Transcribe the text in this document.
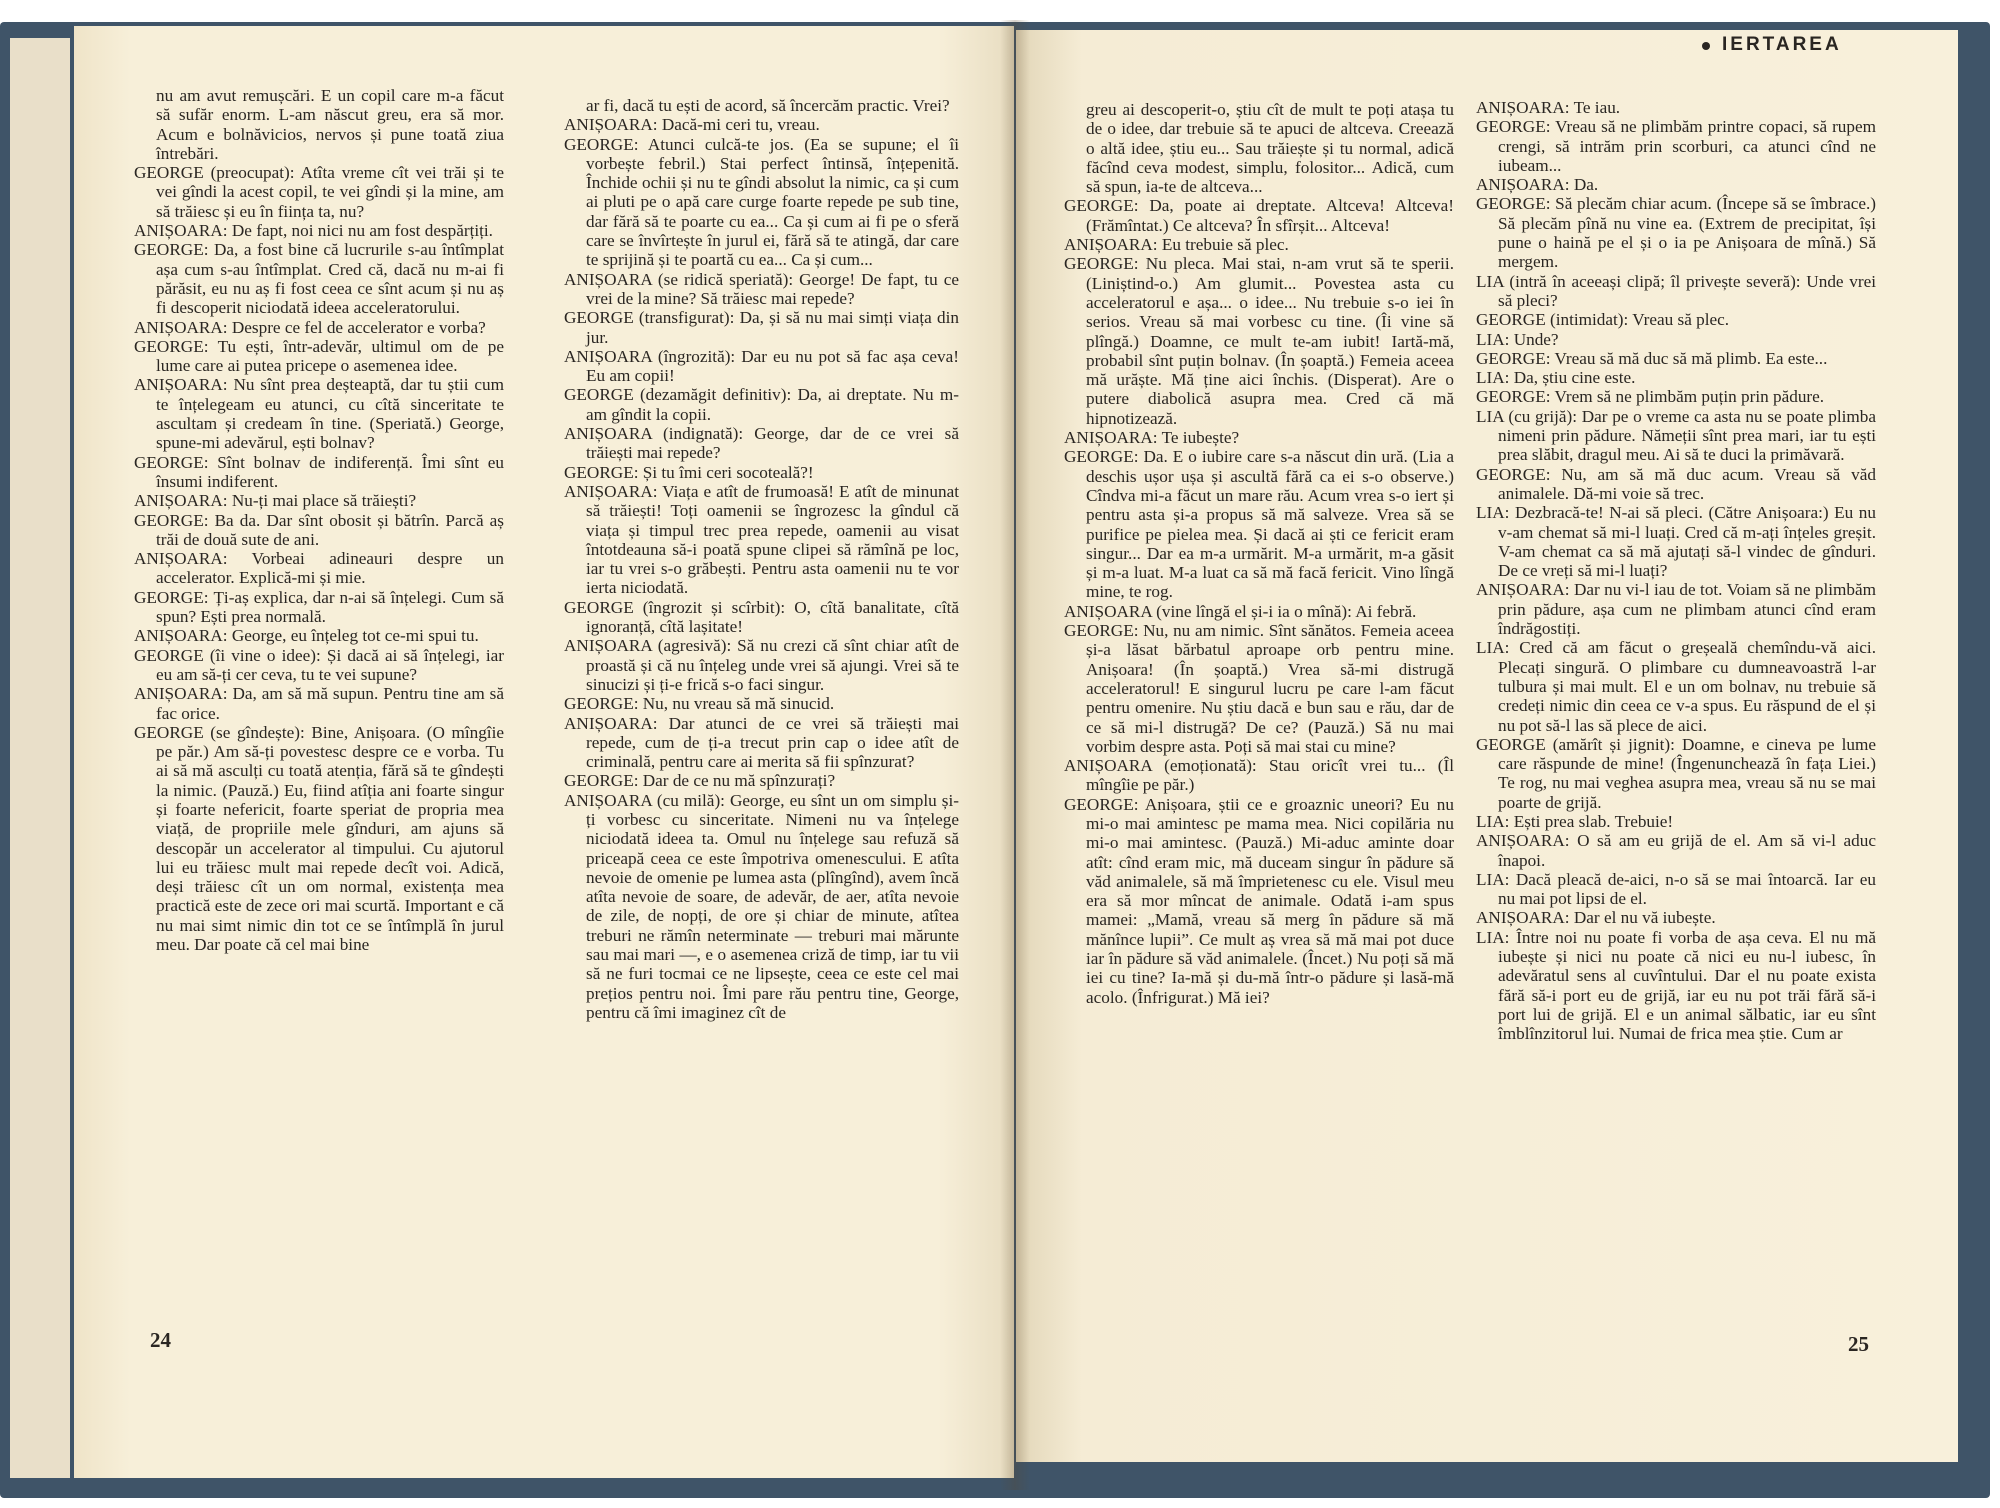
nu am avut remușcări. E un copil care m-a făcut să sufăr enorm. L-am născut greu, era să mor. Acum e bolnăvicios, nervos și pune toată ziua întrebări.

GEORGE (preocupat): Atîta vreme cît vei trăi și te vei gîndi la acest copil, te vei gîndi și la mine, am să trăiesc și eu în ființa ta, nu?

ANIȘOARA: De fapt, noi nici nu am fost despărțiți.

GEORGE: Da, a fost bine că lucrurile s-au întîmplat așa cum s-au întîmplat. Cred că, dacă nu m-ai fi părăsit, eu nu aș fi fost ceea ce sînt acum și nu aș fi descoperit niciodată ideea acceleratorului.

ANIȘOARA: Despre ce fel de accelerator e vorba?

GEORGE: Tu ești, într-adevăr, ultimul om de pe lume care ai putea pricepe o asemenea idee.

ANIȘOARA: Nu sînt prea deșteaptă, dar tu știi cum te înțelegeam eu atunci, cu cîtă sinceritate te ascultam și credeam în tine. (Speriată.) George, spune-mi adevărul, ești bolnav?

GEORGE: Sînt bolnav de indiferență. Îmi sînt eu însumi indiferent.

ANIȘOARA: Nu-ți mai place să trăiești?

GEORGE: Ba da. Dar sînt obosit și bătrîn. Parcă aș trăi de două sute de ani.

ANIȘOARA: Vorbeai adineauri despre un accelerator. Explică-mi și mie.

GEORGE: Ți-aș explica, dar n-ai să înțelegi. Cum să spun? Ești prea normală.

ANIȘOARA: George, eu înțeleg tot ce-mi spui tu.

GEORGE (îi vine o idee): Și dacă ai să înțelegi, iar eu am să-ți cer ceva, tu te vei supune?

ANIȘOARA: Da, am să mă supun. Pentru tine am să fac orice.

GEORGE (se gîndește): Bine, Anișoara. (O mîngîie pe păr.) Am să-ți povestesc despre ce e vorba. Tu ai să mă asculți cu toată atenția, fără să te gîndești la nimic. (Pauză.) Eu, fiind atîția ani foarte singur și foarte nefericit, foarte speriat de propria mea viață, de propriile mele gînduri, am ajuns să descopăr un accelerator al timpului. Cu ajutorul lui eu trăiesc mult mai repede decît voi. Adică, deși trăiesc cît un om normal, existența mea practică este de zece ori mai scurtă. Important e că nu mai simt nimic din tot ce se întîmplă în jurul meu. Dar poate că cel mai bine

ar fi, dacă tu ești de acord, să încercăm practic. Vrei?

ANIȘOARA: Dacă-mi ceri tu, vreau.

GEORGE: Atunci culcă-te jos. (Ea se supune; el îi vorbește febril.) Stai perfect întinsă, înțepenită. Închide ochii și nu te gîndi absolut la nimic, ca și cum ai pluti pe o apă care curge foarte repede pe sub tine, dar fără să te poarte cu ea... Ca și cum ai fi pe o sferă care se învîrtește în jurul ei, fără să te atingă, dar care te sprijină și te poartă cu ea... Ca și cum...

ANIȘOARA (se ridică speriată): George! De fapt, tu ce vrei de la mine? Să trăiesc mai repede?

GEORGE (transfigurat): Da, și să nu mai simți viața din jur.

ANIȘOARA (îngrozită): Dar eu nu pot să fac așa ceva! Eu am copii!

GEORGE (dezamăgit definitiv): Da, ai dreptate. Nu m-am gîndit la copii.

ANIȘOARA (indignată): George, dar de ce vrei să trăiești mai repede?

GEORGE: Și tu îmi ceri socoteală?!

ANIȘOARA: Viața e atît de frumoasă! E atît de minunat să trăiești! Toți oamenii se îngrozesc la gîndul că viața și timpul trec prea repede, oamenii au visat întotdeauna să-i poată spune clipei să rămînă pe loc, iar tu vrei s-o grăbești. Pentru asta oamenii nu te vor ierta niciodată.

GEORGE (îngrozit și scîrbit): O, cîtă banalitate, cîtă ignoranță, cîtă lașitate!

ANIȘOARA (agresivă): Să nu crezi că sînt chiar atît de proastă și că nu înțeleg unde vrei să ajungi. Vrei să te sinucizi și ți-e frică s-o faci singur.

GEORGE: Nu, nu vreau să mă sinucid.

ANIȘOARA: Dar atunci de ce vrei să trăiești mai repede, cum de ți-a trecut prin cap o idee atît de criminală, pentru care ai merita să fii spînzurat?

GEORGE: Dar de ce nu mă spînzurați?

ANIȘOARA (cu milă): George, eu sînt un om simplu și-ți vorbesc cu sinceritate. Nimeni nu va înțelege niciodată ideea ta. Omul nu înțelege sau refuză să priceapă ceea ce este împotriva omenescului. E atîta nevoie de omenie pe lumea asta (plîngînd), avem încă atîta nevoie de soare, de adevăr, de aer, atîta nevoie de zile, de nopți, de ore și chiar de minute, atîtea treburi ne rămîn neterminate — treburi mai mărunte sau mai mari —, e o asemenea criză de timp, iar tu vii să ne furi tocmai ce ne lipsește, ceea ce este cel mai prețios pentru noi. Îmi pare rău pentru tine, George, pentru că îmi imaginez cît de

24

greu ai descoperit-o, știu cît de mult te poți atașa tu de o idee, dar trebuie să te apuci de altceva. Creează o altă idee, știu eu... Sau trăiește și tu normal, adică făcînd ceva modest, simplu, folositor... Adică, cum să spun, ia-te de altceva...

GEORGE: Da, poate ai dreptate. Altceva! Altceva! (Frămîntat.) Ce altceva? În sfîrșit... Altceva!

ANIȘOARA: Eu trebuie să plec.

GEORGE: Nu pleca. Mai stai, n-am vrut să te sperii. (Liniștind-o.) Am glumit... Povestea asta cu acceleratorul e așa... o idee... Nu trebuie s-o iei în serios. Vreau să mai vorbesc cu tine. (Îi vine să plîngă.) Doamne, ce mult te-am iubit! Iartă-mă, probabil sînt puțin bolnav. (În șoaptă.) Femeia aceea mă urăște. Mă ține aici închis. (Disperat). Are o putere diabolică asupra mea. Cred că mă hipnotizează.

ANIȘOARA: Te iubește?

GEORGE: Da. E o iubire care s-a născut din ură. (Lia a deschis ușor ușa și ascultă fără ca ei s-o observe.) Cîndva mi-a făcut un mare rău. Acum vrea s-o iert și pentru asta și-a propus să mă salveze. Vrea să se purifice pe pielea mea. Și dacă ai ști ce fericit eram singur... Dar ea m-a urmărit. M-a urmărit, m-a găsit și m-a luat. M-a luat ca să mă facă fericit. Vino lîngă mine, te rog.

ANIȘOARA (vine lîngă el și-i ia o mînă): Ai febră.

GEORGE: Nu, nu am nimic. Sînt sănătos. Femeia aceea și-a lăsat bărbatul aproape orb pentru mine. Anișoara! (În șoaptă.) Vrea să-mi distrugă acceleratorul! E singurul lucru pe care l-am făcut pentru omenire. Nu știu dacă e bun sau e rău, dar de ce să mi-l distrugă? De ce? (Pauză.) Să nu mai vorbim despre asta. Poți să mai stai cu mine?

ANIȘOARA (emoționată): Stau oricît vrei tu... (Îl mîngîie pe păr.)

GEORGE: Anișoara, știi ce e groaznic uneori? Eu nu mi-o mai amintesc pe mama mea. Nici copilăria nu mi-o mai amintesc. (Pauză.) Mi-aduc aminte doar atît: cînd eram mic, mă duceam singur în pădure să văd animalele, să mă împrietenesc cu ele. Visul meu era să mor mîncat de animale. Odată i-am spus mamei: „Mamă, vreau să merg în pădure să mă mănînce lupii”. Ce mult aș vrea să mă mai pot duce iar în pădure să văd animalele. (Încet.) Nu poți să mă iei cu tine? Ia-mă și du-mă într-o pădure și lasă-mă acolo. (Înfrigurat.) Mă iei?

ANIȘOARA: Te iau.

GEORGE: Vreau să ne plimbăm printre copaci, să rupem crengi, să intrăm prin scorburi, ca atunci cînd ne iubeam...

ANIȘOARA: Da.

GEORGE: Să plecăm chiar acum. (Începe să se îmbrace.) Să plecăm pînă nu vine ea. (Extrem de precipitat, își pune o haină pe el și o ia pe Anișoara de mînă.) Să mergem.

LIA (intră în aceeași clipă; îl privește severă): Unde vrei să pleci?

GEORGE (intimidat): Vreau să plec.

LIA: Unde?

GEORGE: Vreau să mă duc să mă plimb. Ea este...

LIA: Da, știu cine este.

GEORGE: Vrem să ne plimbăm puțin prin pădure.

LIA (cu grijă): Dar pe o vreme ca asta nu se poate plimba nimeni prin pădure. Nămeții sînt prea mari, iar tu ești prea slăbit, dragul meu. Ai să te duci la primăvară.

GEORGE: Nu, am să mă duc acum. Vreau să văd animalele. Dă-mi voie să trec.

LIA: Dezbracă-te! N-ai să pleci. (Către Anișoara:) Eu nu v-am chemat să mi-l luați. Cred că m-ați înțeles greșit. V-am chemat ca să mă ajutați să-l vindec de gînduri. De ce vreți să mi-l luați?

ANIȘOARA: Dar nu vi-l iau de tot. Voiam să ne plimbăm prin pădure, așa cum ne plimbam atunci cînd eram îndrăgostiți.

LIA: Cred că am făcut o greșeală chemîndu-vă aici. Plecați singură. O plimbare cu dumneavoastră l-ar tulbura și mai mult. El e un om bolnav, nu trebuie să credeți nimic din ceea ce v-a spus. Eu răspund de el și nu pot să-l las să plece de aici.

GEORGE (amărît și jignit): Doamne, e cineva pe lume care răspunde de mine! (Îngenunchează în fața Liei.) Te rog, nu mai veghea asupra mea, vreau să nu se mai poarte de grijă.

LIA: Ești prea slab. Trebuie!

ANIȘOARA: O să am eu grijă de el. Am să vi-l aduc înapoi.

LIA: Dacă pleacă de-aici, n-o să se mai întoarcă. Iar eu nu mai pot lipsi de el.

ANIȘOARA: Dar el nu vă iubește.

LIA: Între noi nu poate fi vorba de așa ceva. El nu mă iubește și nici nu poate că nici eu nu-l iubesc, în adevăratul sens al cuvîntului. Dar el nu poate exista fără să-i port eu de grijă, iar eu nu pot trăi fără să-i port lui de grijă. El e un animal sălbatic, iar eu sînt îmblînzitorul lui. Numai de frica mea știe. Cum ar

IERTAREA
25
